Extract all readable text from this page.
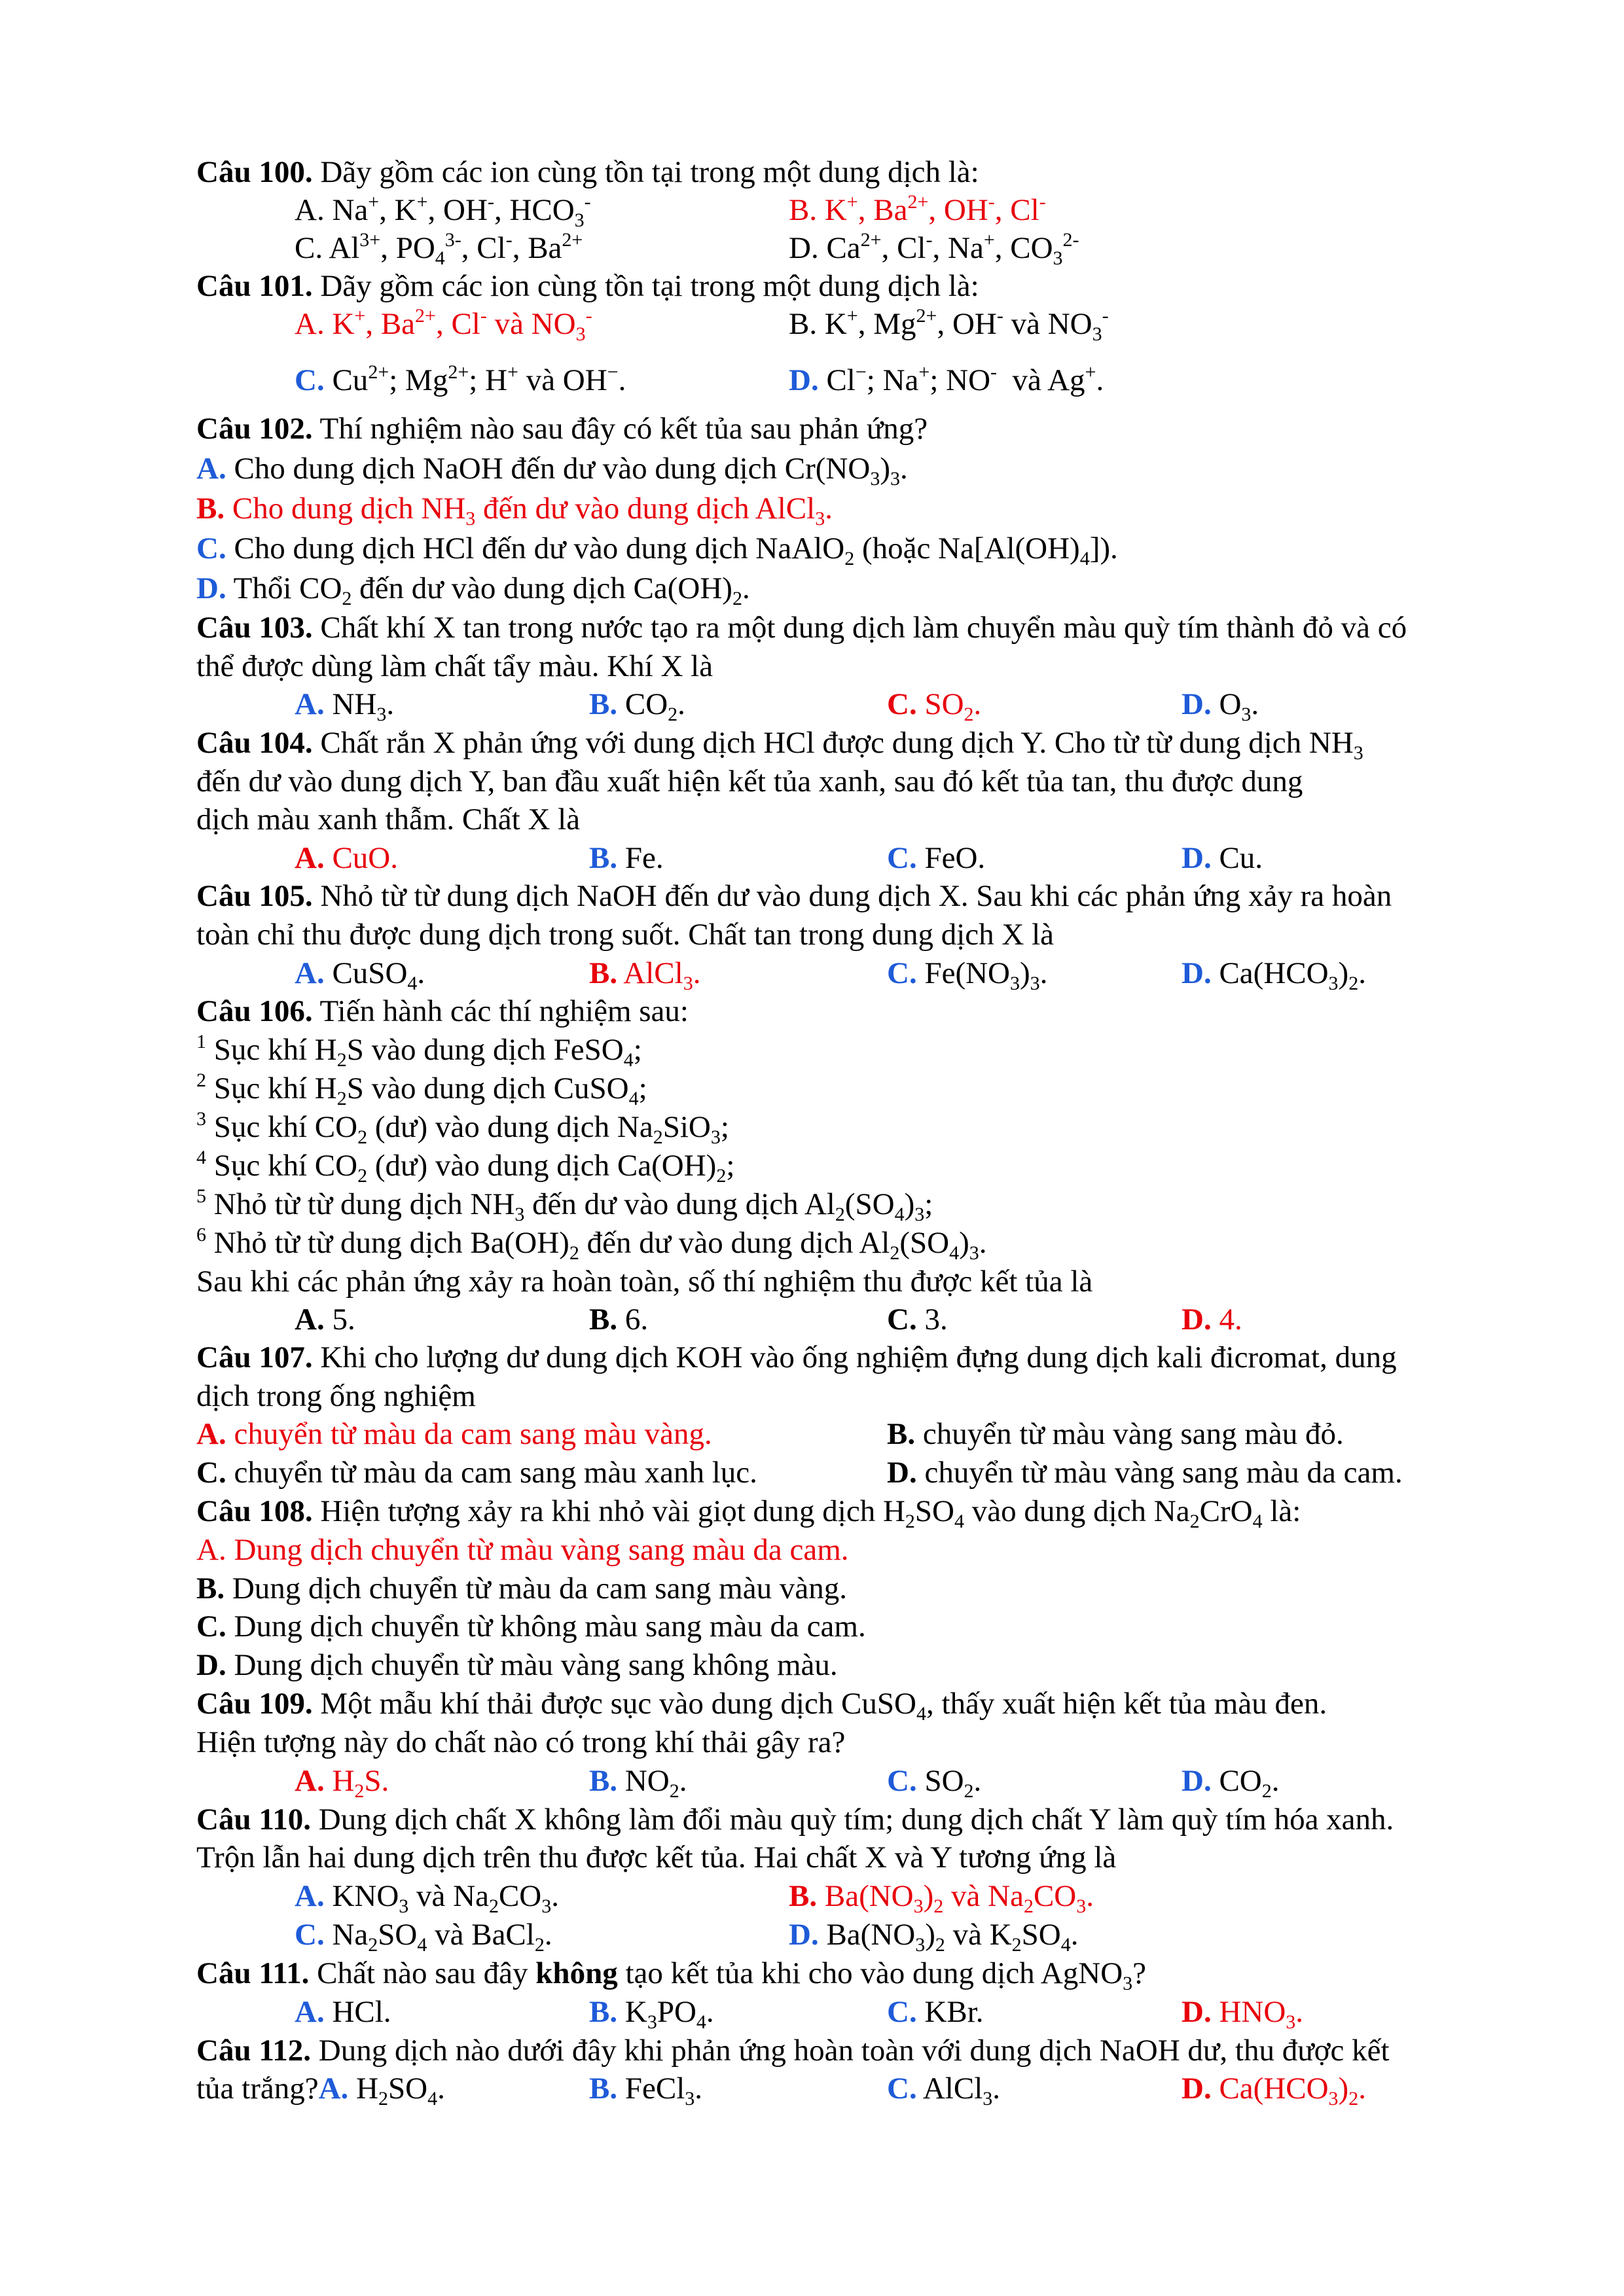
Câu 100. Dãy gồm các ion cùng tồn tại trong một dung dịch là:
A. Na+, K+, OH-, $HCO_3^-$	B. K+, $Ba^{2+}$, OH-, Cl-
C. $Al^{3+}$, $PO_4^{3-}$, Cl-, $Ba^{2+}$	D. $Ca^{2+}$, Cl-, Na+, $CO_3^{2-}$
Câu 101. Dãy gồm các ion cùng tồn tại trong một dung dịch là:
A. K+, $Ba^{2+}$, Cl- và $NO_3^-$	B. K+, $Mg^{2+}$, OH- và $NO_3^-$
C. $Cu^{2+}$; $Mg^{2+}$; H+ và OH−.	D. Cl−; Na+; NO-  và Ag+.
Câu 102. Thí nghiệm nào sau đây có kết tủa sau phản ứng?
A. Cho dung dịch NaOH đến dư vào dung dịch $Cr(NO_3)_3$.
B. Cho dung dịch $NH_3$ đến dư vào dung dịch AlCl$_3$.
C. Cho dung dịch HCl đến dư vào dung dịch NaAlO$_2$ (hoặc $Na[Al(OH)_4]$).
D. Thổi $CO_2$ đến dư vào dung dịch $Ca(OH)_2$.
Câu 103. Chất khí X tan trong nước tạo ra một dung dịch làm chuyển màu quỳ tím thành đỏ và có
thể được dùng làm chất tẩy màu. Khí X là
A. $NH_3$.	B. $CO_2$.	C. $SO_2$.	D. $O_3$.
Câu 104. Chất rắn X phản ứng với dung dịch HCl được dung dịch Y. Cho từ từ dung dịch $NH_3$
đến dư vào dung dịch Y, ban đầu xuất hiện kết tủa xanh, sau đó kết tủa tan, thu được dung
dịch màu xanh thẫm. Chất X là
A. CuO.	B. Fe.	C. FeO.	D. Cu.
Câu 105. Nhỏ từ từ dung dịch NaOH đến dư vào dung dịch X. Sau khi các phản ứng xảy ra hoàn
toàn chỉ thu được dung dịch trong suốt. Chất tan trong dung dịch X là
A. CuSO$_4$.	B. AlCl$_3$.	C. $Fe(NO_3)_3$.	D. $Ca(HCO_3)_2$.
Câu 106. Tiến hành các thí nghiệm sau:
$^1$ Sục khí $H_2S$ vào dung dịch FeSO$_4$;
$^2$ Sục khí $H_2S$ vào dung dịch CuSO$_4$;
$^3$ Sục khí $CO_2$ (dư) vào dung dịch $Na_2SiO_3$;
$^4$ Sục khí $CO_2$ (dư) vào dung dịch $Ca(OH)_2$;
$^5$ Nhỏ từ từ dung dịch $NH_3$ đến dư vào dung dịch $Al_2(SO_4)_3$;
$^6$ Nhỏ từ từ dung dịch $Ba(OH)_2$ đến dư vào dung dịch $Al_2(SO_4)_3$.
Sau khi các phản ứng xảy ra hoàn toàn, số thí nghiệm thu được kết tủa là
A. 5.	B. 6.	C. 3.	D. 4.
Câu 107. Khi cho lượng dư dung dịch KOH vào ống nghiệm đựng dung dịch kali đicromat, dung
dịch trong ống nghiệm
A. chuyển từ màu da cam sang màu vàng.	B. chuyển từ màu vàng sang màu đỏ.
C. chuyển từ màu da cam sang màu xanh lục.	D. chuyển từ màu vàng sang màu da cam.
Câu 108. Hiện tượng xảy ra khi nhỏ vài giọt dung dịch $H_2SO_4$ vào dung dịch $Na_2CrO_4$ là:
A. Dung dịch chuyển từ màu vàng sang màu da cam.
B. Dung dịch chuyển từ màu da cam sang màu vàng.
C. Dung dịch chuyển từ không màu sang màu da cam.
D. Dung dịch chuyển từ màu vàng sang không màu.
Câu 109. Một mẫu khí thải được sục vào dung dịch CuSO$_4$, thấy xuất hiện kết tủa màu đen.
Hiện tượng này do chất nào có trong khí thải gây ra?
A. $H_2S$.	B. $NO_2$.	C. $SO_2$.	D. $CO_2$.
Câu 110. Dung dịch chất X không làm đổi màu quỳ tím; dung dịch chất Y làm quỳ tím hóa xanh.
Trộn lẫn hai dung dịch trên thu được kết tủa. Hai chất X và Y tương ứng là
A. $KNO_3$ và $Na_2CO_3$.	B. $Ba(NO_3)_2$ và $Na_2CO_3$.
C. $Na_2SO_4$ và BaCl$_2$.	D. $Ba(NO_3)_2$ và $K_2SO_4$.
Câu 111. Chất nào sau đây không tạo kết tủa khi cho vào dung dịch AgNO$_3$?
A. HCl.	B. $K_3PO_4$.	C. KBr.	D. $HNO_3$.
Câu 112. Dung dịch nào dưới đây khi phản ứng hoàn toàn với dung dịch NaOH dư, thu được kết
tủa trắng?A. $H_2SO_4$.	B. FeCl$_3$.	C. AlCl$_3$.	D. $Ca(HCO_3)_2$.
